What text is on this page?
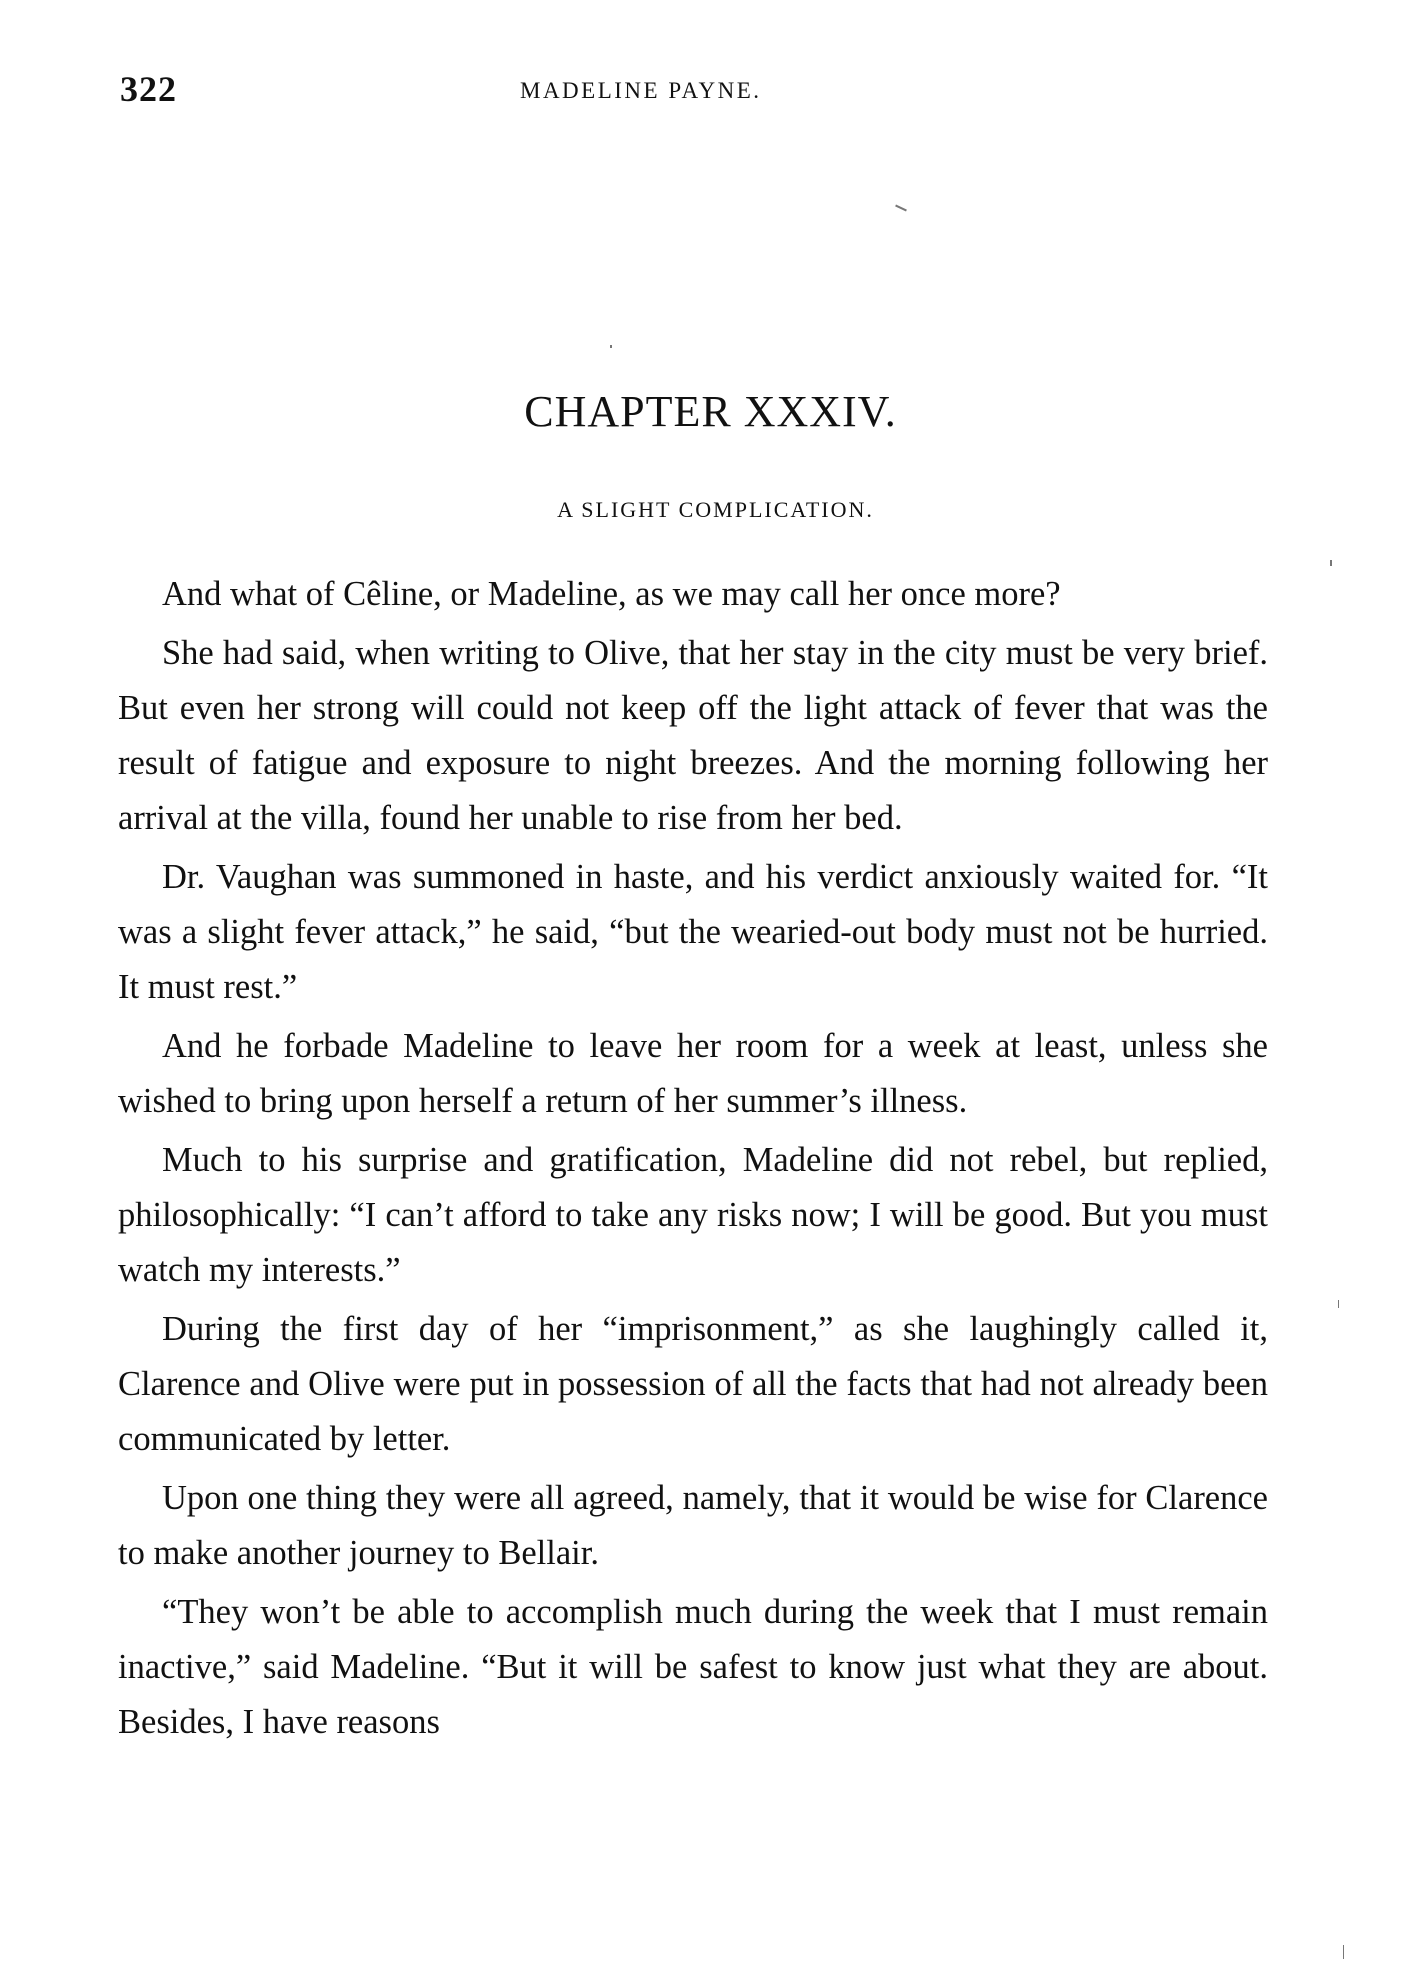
322	MADELINE PAYNE.
CHAPTER XXXIV.
A SLIGHT COMPLICATION.

And what of Cêline, or Madeline, as we may call her once more?

She had said, when writing to Olive, that her stay in the city must be very brief. But even her strong will could not keep off the light attack of fever that was the result of fatigue and exposure to night breezes. And the morning following her arrival at the villa, found her unable to rise from her bed.

Dr. Vaughan was summoned in haste, and his verdict anxiously waited for. “It was a slight fever attack,” he said, “but the wearied-out body must not be hurried. It must rest.”

And he forbade Madeline to leave her room for a week at least, unless she wished to bring upon herself a return of her summer’s illness.

Much to his surprise and gratification, Madeline did not rebel, but replied, philosophically: “I can’t afford to take any risks now; I will be good. But you must watch my interests.”

During the first day of her “imprisonment,” as she laughingly called it, Clarence and Olive were put in possession of all the facts that had not already been communicated by letter.

Upon one thing they were all agreed, namely, that it would be wise for Clarence to make another journey to Bellair.

“They won’t be able to accomplish much during the week that I must remain inactive,” said Madeline. “But it will be safest to know just what they are about. Besides, I have reasons
